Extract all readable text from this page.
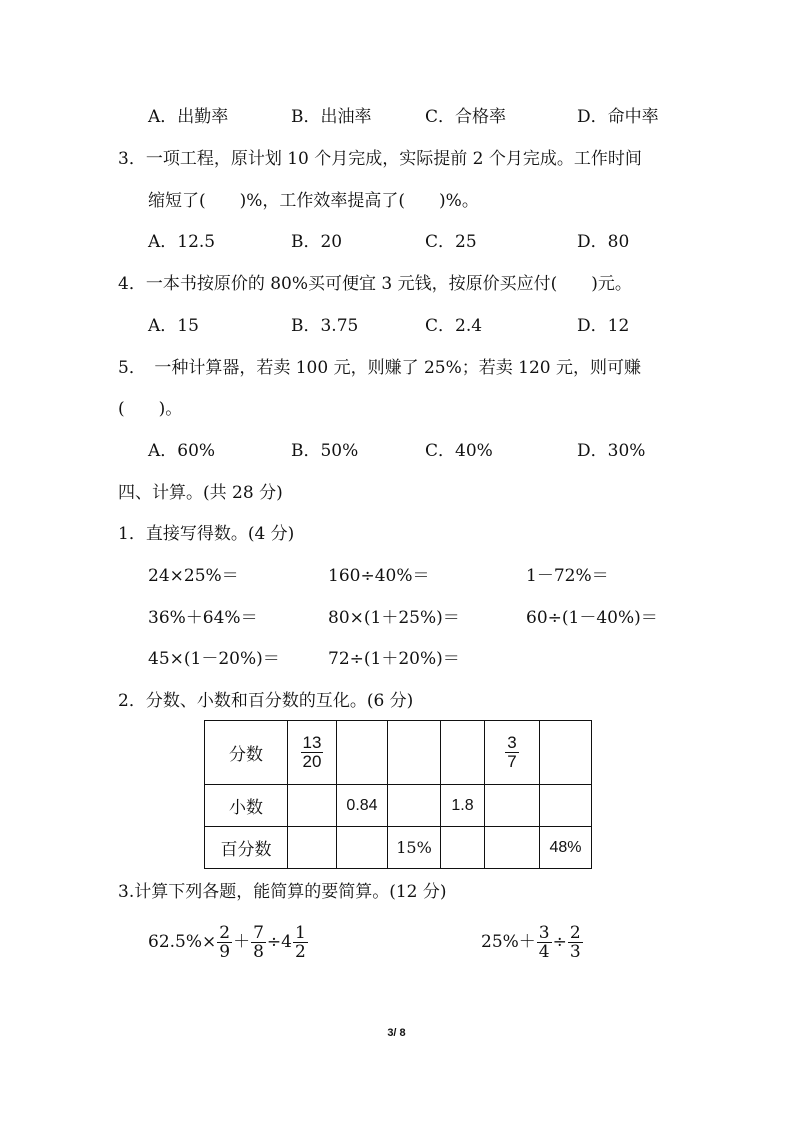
A．出勤率	B．出油率	C．合格率	D．命中率
3．一项工程，原计划 10 个月完成，实际提前 2 个月完成。工作时间
缩短了(　　)%，工作效率提高了(　　)%。
A．12.5	B．20	C．25	D．80
4．一本书按原价的 80%买可便宜 3 元钱，按原价买应付(　　)元。
A．15	B．3.75	C．2.4	D．12
5．　一种计算器，若卖 100 元，则赚了 25%；若卖 120 元，则可赚
(　　)。
A．60%	B．50%	C．40%	D．30%
四、计算。(共 28 分)
1．直接写得数。(4 分)
24×25%＝	160÷40%＝	1－72%＝
36%＋64%＝	80×(1＋25%)＝	60÷(1－40%)＝
45×(1－20%)＝	72÷(1＋20%)＝
2．分数、小数和百分数的互化。(6 分)
分数	$\frac{13}{20}$				$\frac{3}{7}$

小数		0.84		1.8		
百分数			15%			48%
3.计算下列各题，能简算的要简算。(12 分)
$62.5\%\times \frac{2}{9} + \frac{7}{8} \div 4 \frac{1}{2}$	$25\%+ \frac{3}{4} \div \frac{2}{3}$
3/ 8
